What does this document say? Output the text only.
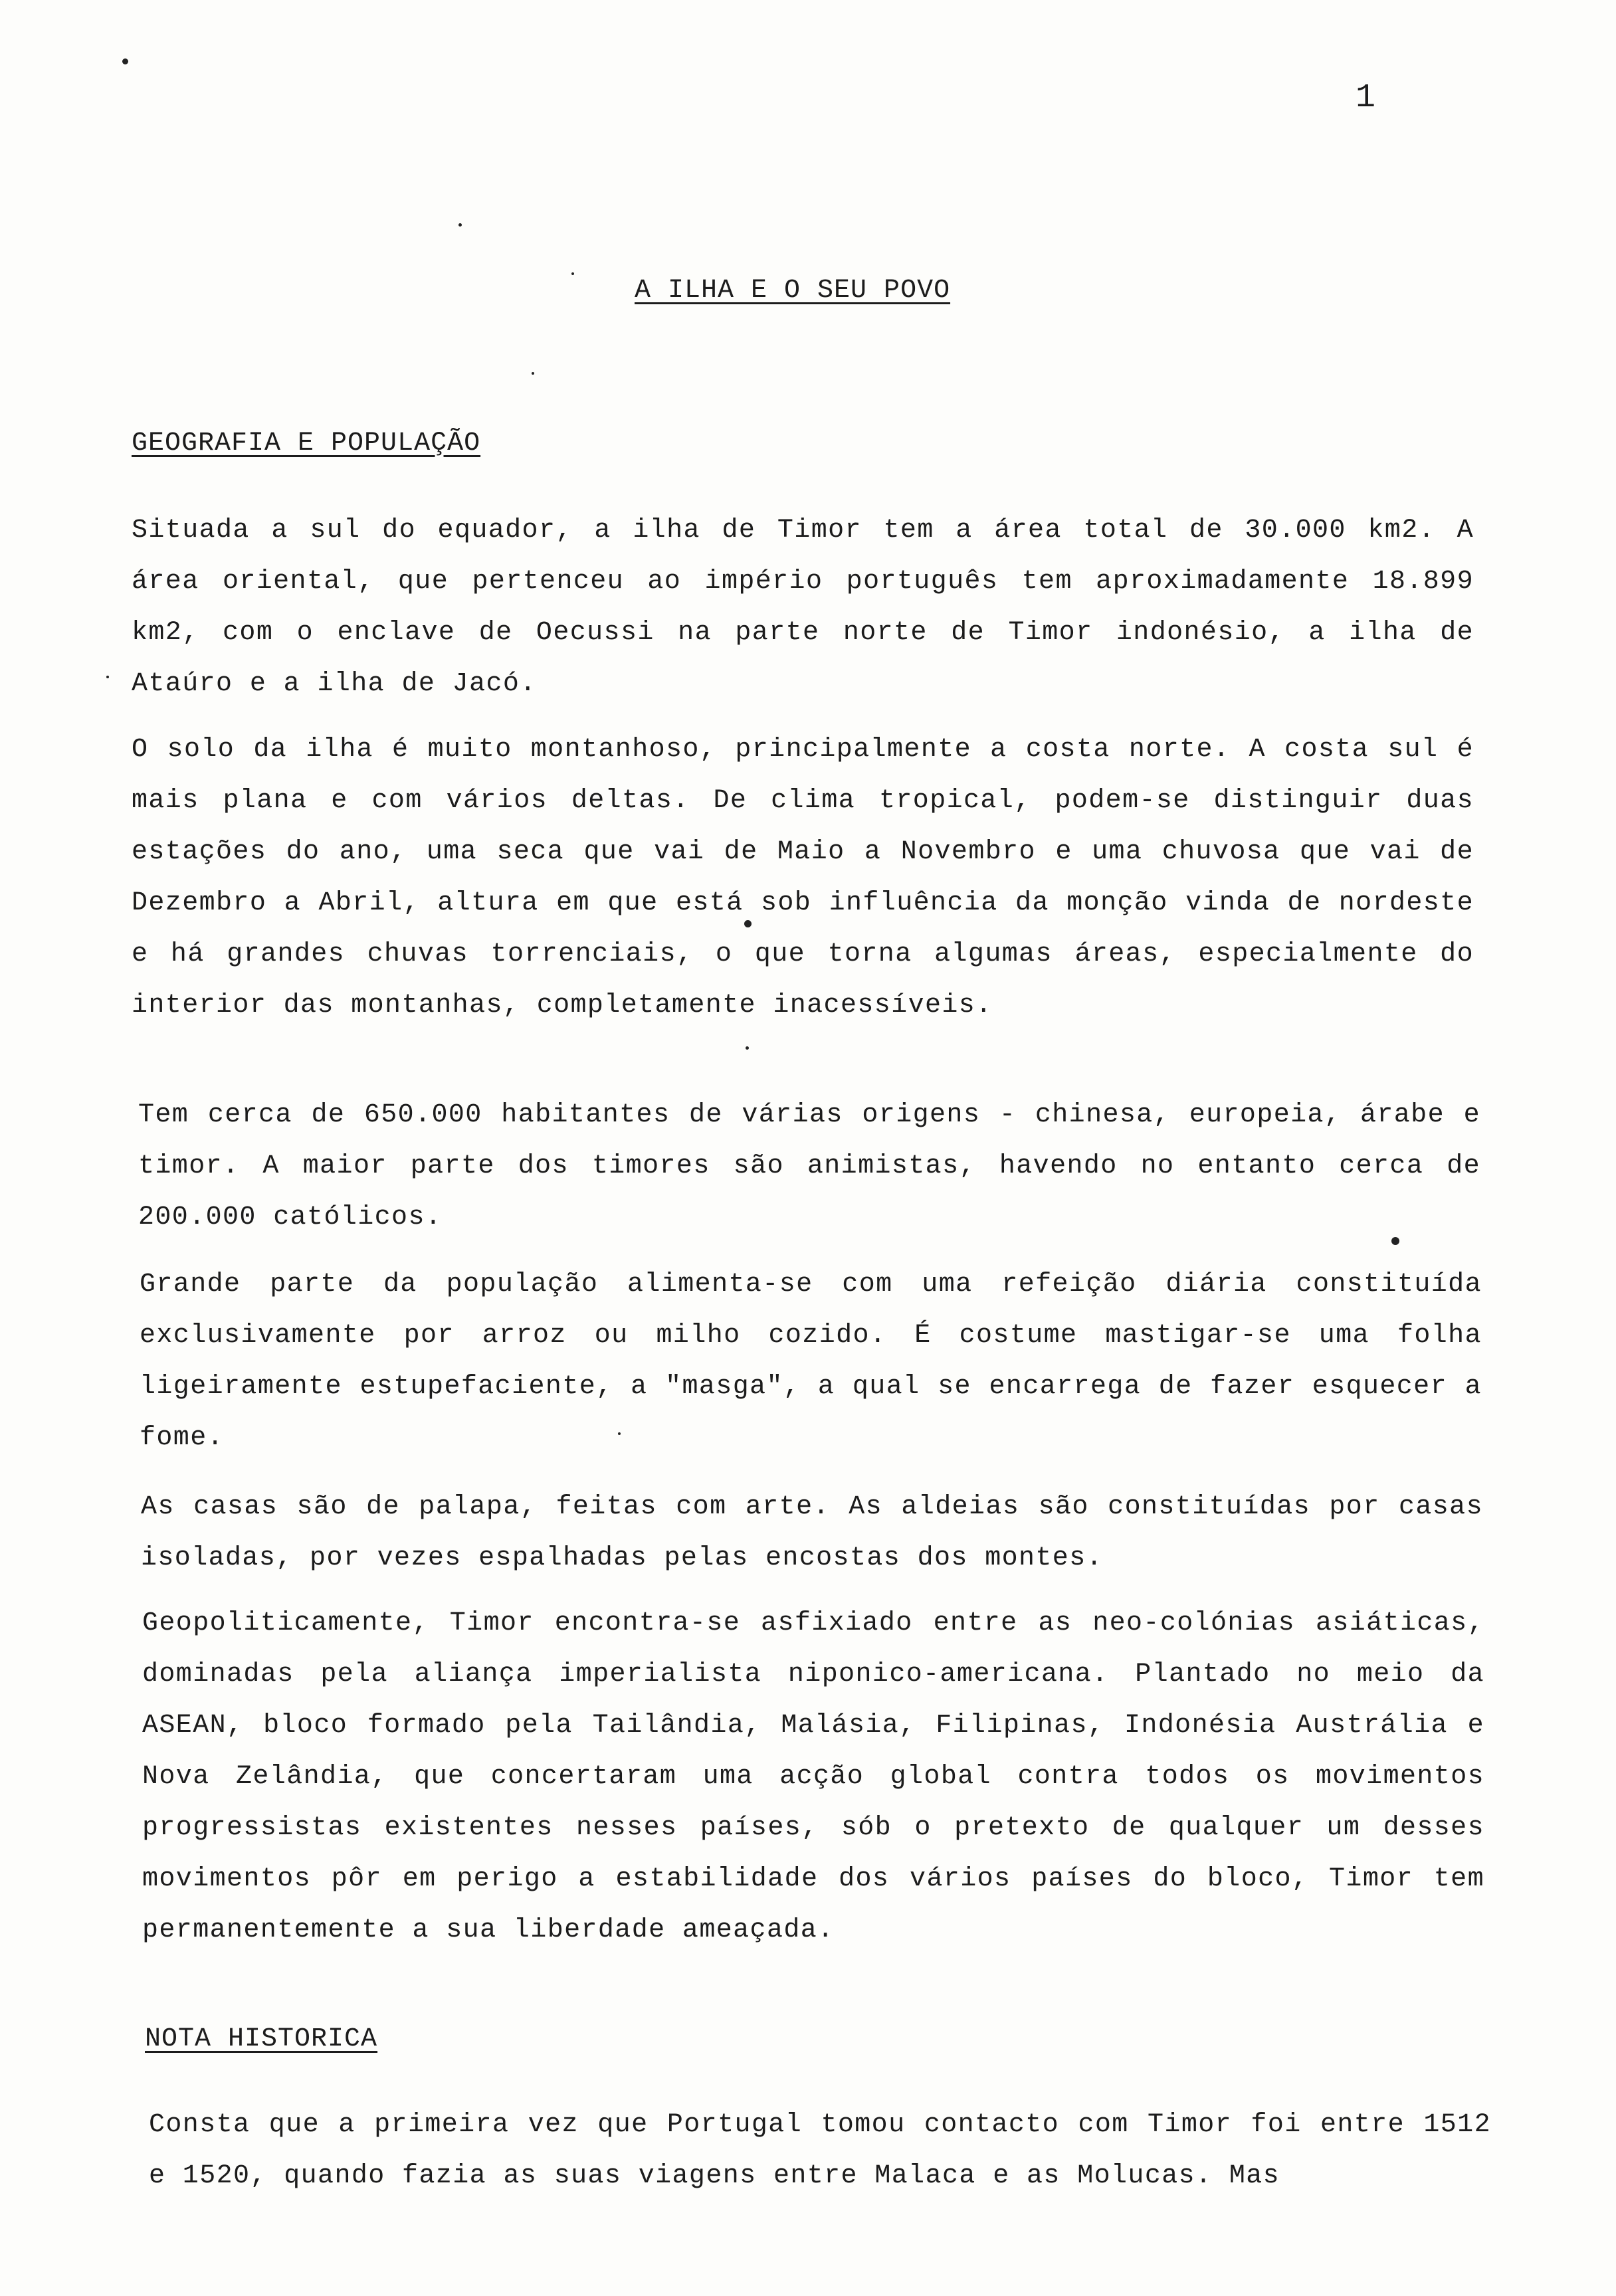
1
A ILHA E O SEU POVO
GEOGRAFIA E POPULAÇÃO

Situada a sul do equador, a ilha de Timor tem a área total de 30.000 km2. A área oriental, que pertenceu ao império português tem aproximadamente 18.899 km2, com o enclave de Oecussi na parte norte de Timor indonésio, a ilha de Ataúro e a ilha de Jacó.

O solo da ilha é muito montanhoso, principalmente a costa norte. A costa sul é mais plana e com vários deltas. De clima tropical, podem-se distinguir duas estações do ano, uma seca que vai de Maio a Novembro e uma chuvosa que vai de Dezembro a Abril, altura em que está sob influência da monção vinda de nordeste e há grandes chuvas torrenciais, o que torna algumas áreas, especialmente do interior das montanhas, completamente inacessíveis.

Tem cerca de 650.000 habitantes de várias origens - chinesa, europeia, árabe e timor. A maior parte dos timores são animistas, havendo no entanto cerca de 200.000 católicos.

Grande parte da população alimenta-se com uma refeição diária constituída exclusivamente por arroz ou milho cozido. É costume mastigar-se uma folha ligeiramente estupefaciente, a "masga", a qual se encarrega de fazer esquecer a fome.

As casas são de palapa, feitas com arte. As aldeias são constituídas por casas isoladas, por vezes espalhadas pelas encostas dos montes.

Geopoliticamente, Timor encontra-se asfixiado entre as neo-colónias asiáticas, dominadas pela aliança imperialista niponico-americana. Plantado no meio da ASEAN, bloco formado pela Tailândia, Malásia, Filipinas, Indonésia Austrália e Nova Zelândia, que concertaram uma acção global contra todos os movimentos progressistas existentes nesses países, sób o pretexto de qualquer um desses movimentos pôr em perigo a estabilidade dos vários países do bloco, Timor tem permanentemente a sua liberdade ameaçada.

NOTA HISTORICA

Consta que a primeira vez que Portugal tomou contacto com Timor foi entre 1512 e 1520, quando fazia as suas viagens entre Malaca e as Molucas. Mas
